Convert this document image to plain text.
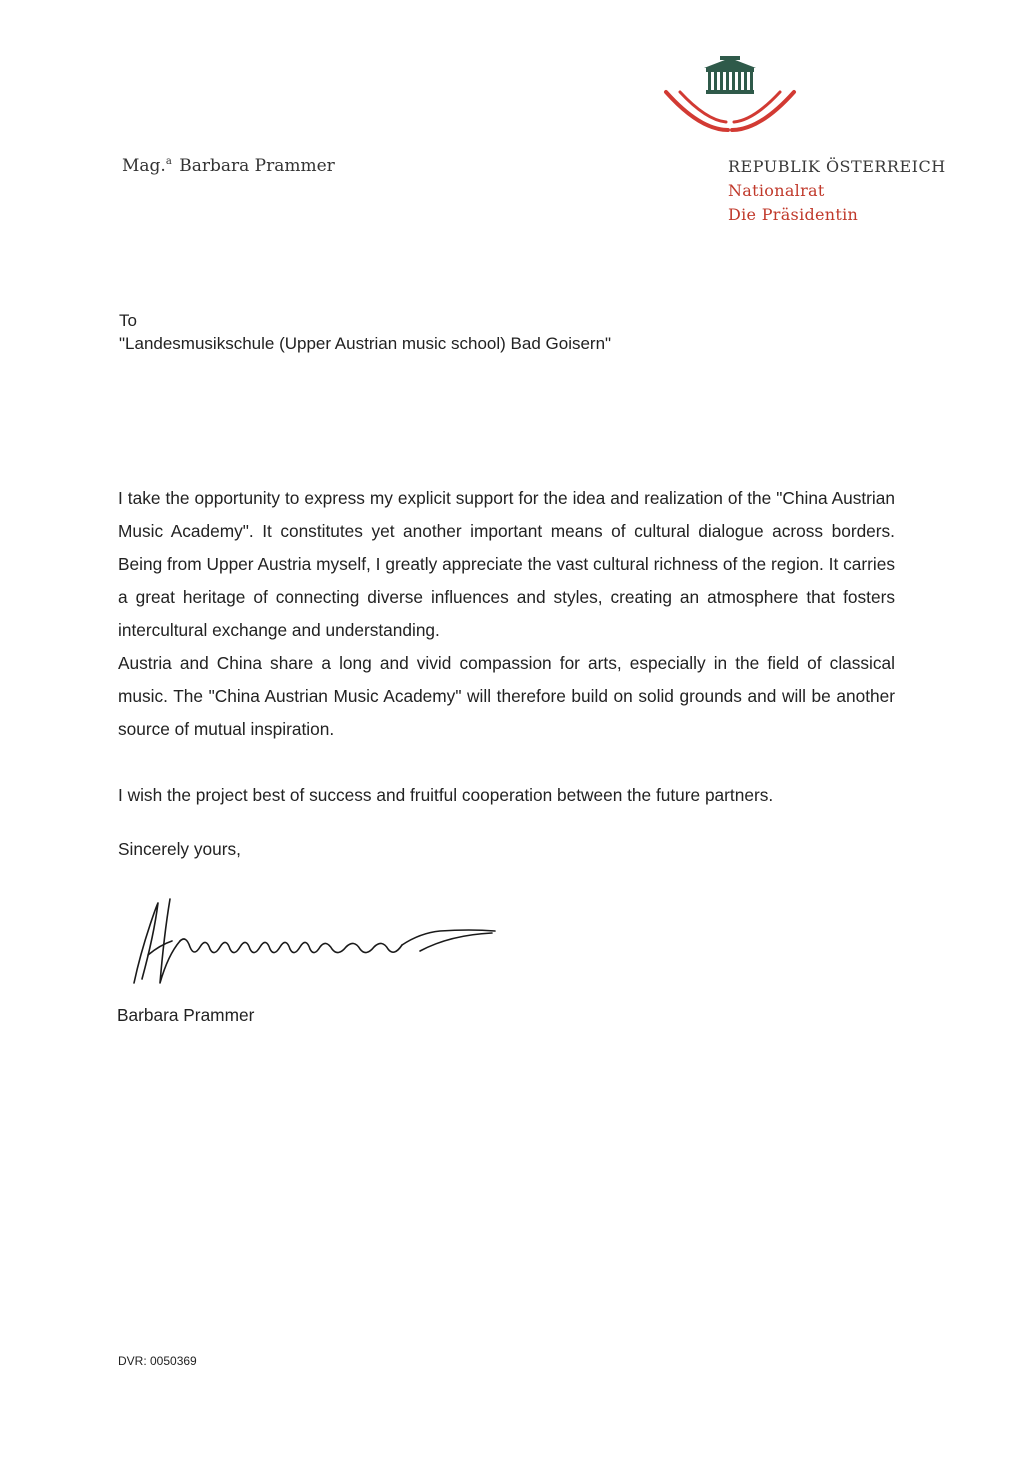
Mag.$^a$ Barbara Prammer	REPUBLIK ÖSTERREICH
Nationalrat
Die Präsidentin
To
"Landesmusikschule (Upper Austrian music school) Bad Goisern"

I take the opportunity to express my explicit support for the idea and realization of the "China Austrian Music Academy". It constitutes yet another important means of cultural dialogue across borders. Being from Upper Austria myself, I greatly appreciate the vast cultural richness of the region. It carries a great heritage of connecting diverse influences and styles, creating an atmosphere that fosters intercultural exchange and understanding.

Austria and China share a long and vivid compassion for arts, especially in the field of classical music. The "China Austrian Music Academy" will therefore build on solid grounds and will be another source of mutual inspiration.

I wish the project best of success and fruitful cooperation between the future partners.

Sincerely yours,
Barbara Prammer
DVR: 0050369
